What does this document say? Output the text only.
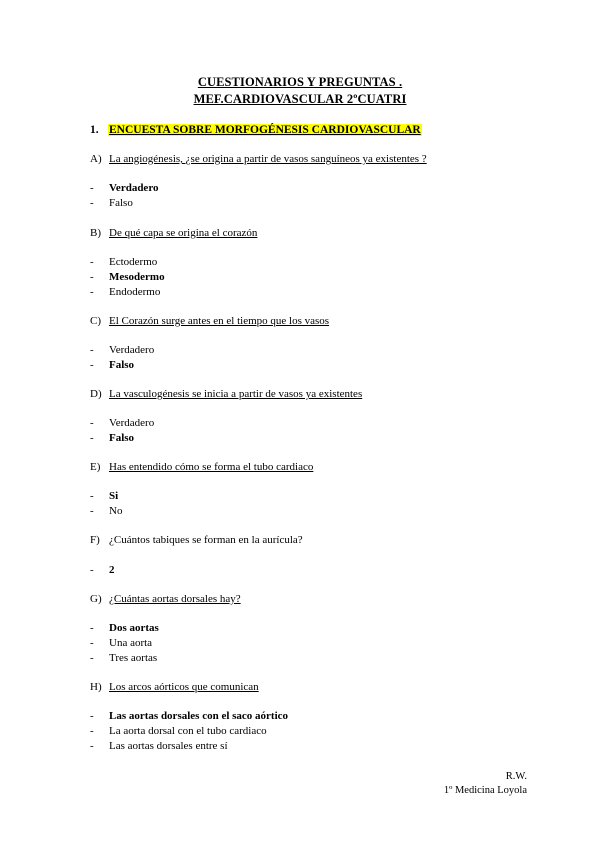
CUESTIONARIOS Y PREGUNTAS .
MEF.CARDIOVASCULAR 2ºCUATRI
1. ENCUESTA SOBRE MORFOGÉNESIS CARDIOVASCULAR
A) La angiogénesis, ¿se origina a partir de vasos sanguíneos ya existentes ?
- Verdadero
- Falso
B) De qué capa se origina el corazón
- Ectodermo
- Mesodermo
- Endodermo
C) El Corazón surge antes en el tiempo que los vasos
- Verdadero
- Falso
D) La vasculogénesis se inicia a partir de vasos ya existentes
- Verdadero
- Falso
E) Has entendido cómo se forma el tubo cardiaco
- Si
- No
F) ¿Cuántos tabiques se forman en la aurícula?
- 2
G) ¿Cuántas aortas dorsales hay?
- Dos aortas
- Una aorta
- Tres aortas
H) Los arcos aórticos que comunican
- Las aortas dorsales con el saco aórtico
- La aorta dorsal con el tubo cardiaco
- Las aortas dorsales entre sí
R.W.
1º Medicina Loyola
